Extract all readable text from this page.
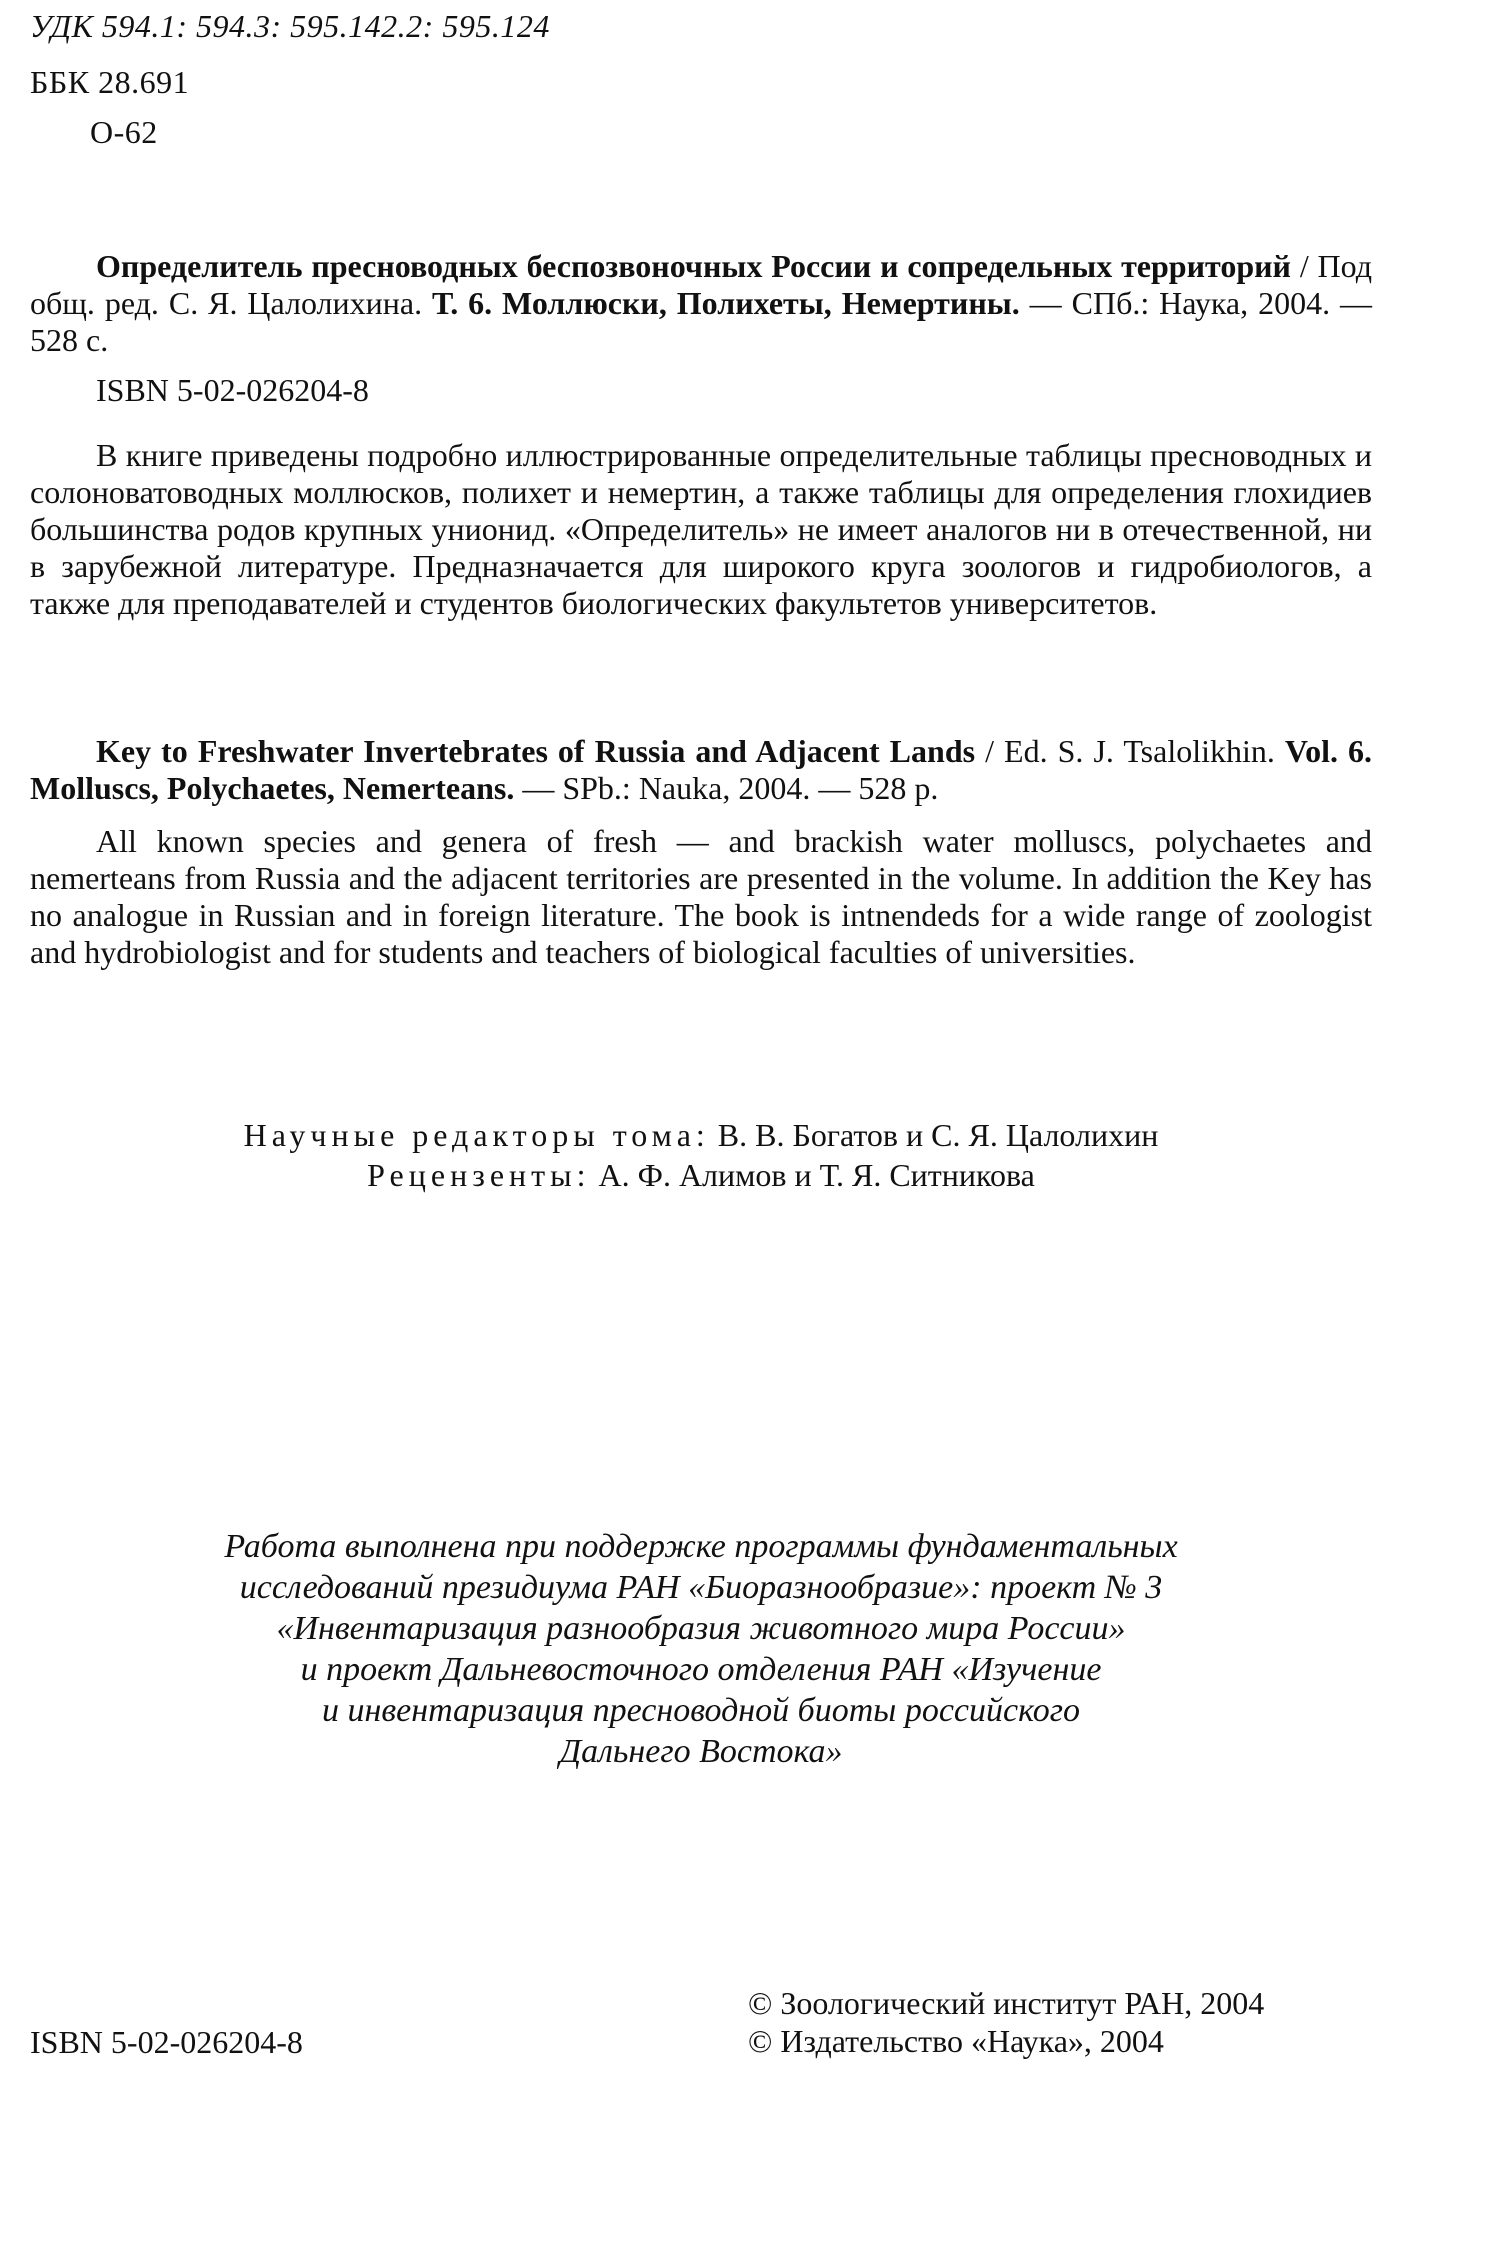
УДК 594.1: 594.3: 595.142.2: 595.124
ББК 28.691
О-62
Определитель пресноводных беспозвоночных России и сопредельных территорий / Под общ. ред. С. Я. Цалолихина. Т. 6. Моллюски, Полихеты, Немертины. — СПб.: Наука, 2004. — 528 с.
ISBN 5-02-026204-8
В книге приведены подробно иллюстрированные определительные таблицы пресноводных и солоноватоводных моллюсков, полихет и немертин, а также таблицы для определения глохидиев большинства родов крупных унионид. «Определитель» не имеет аналогов ни в отечественной, ни в зарубежной литературе. Предназначается для широкого круга зоологов и гидробиологов, а также для преподавателей и студентов биологических факультетов университетов.
Key to Freshwater Invertebrates of Russia and Adjacent Lands / Ed. S. J. Tsalolikhin. Vol. 6. Molluscs, Polychaetes, Nemerteans. — SPb.: Nauka, 2004. — 528 p.
All known species and genera of fresh — and brackish water molluscs, polychaetes and nemerteans from Russia and the adjacent territories are presented in the volume. In addition the Key has no analogue in Russian and in foreign literature. The book is intnendeds for a wide range of zoologist and hydrobiologist and for students and teachers of biological faculties of universities.
Научные редакторы тома: В. В. Богатов и С. Я. Цалолихин
Рецензенты: А. Ф. Алимов и Т. Я. Ситникова
Работа выполнена при поддержке программы фундаментальных
исследований президиума РАН «Биоразнообразие»: проект № 3
«Инвентаризация разнообразия животного мира России»
и проект Дальневосточного отделения РАН «Изучение
и инвентаризация пресноводной биоты российского
Дальнего Востока»
ISBN 5-02-026204-8
© Зоологический институт РАН, 2004
© Издательство «Наука», 2004
